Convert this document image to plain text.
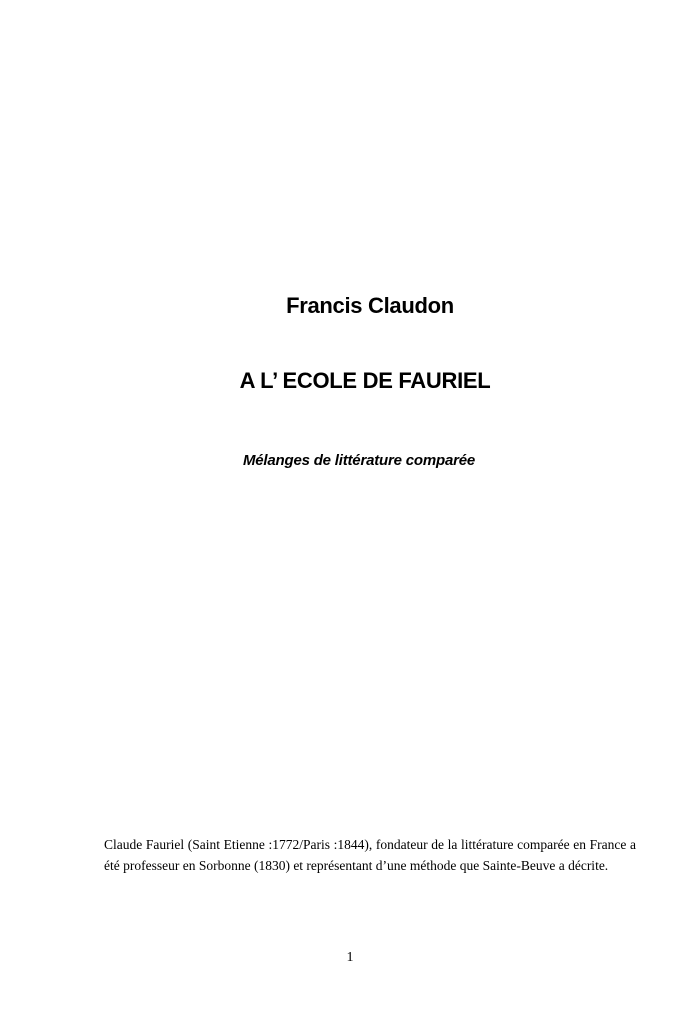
Francis Claudon
A L’ ECOLE DE FAURIEL
Mélanges de littérature comparée

Claude Fauriel (Saint Etienne :1772/Paris :1844), fondateur de la littérature comparée en France a été professeur en Sorbonne (1830) et représentant d’une méthode que Sainte-Beuve a décrite.

1
